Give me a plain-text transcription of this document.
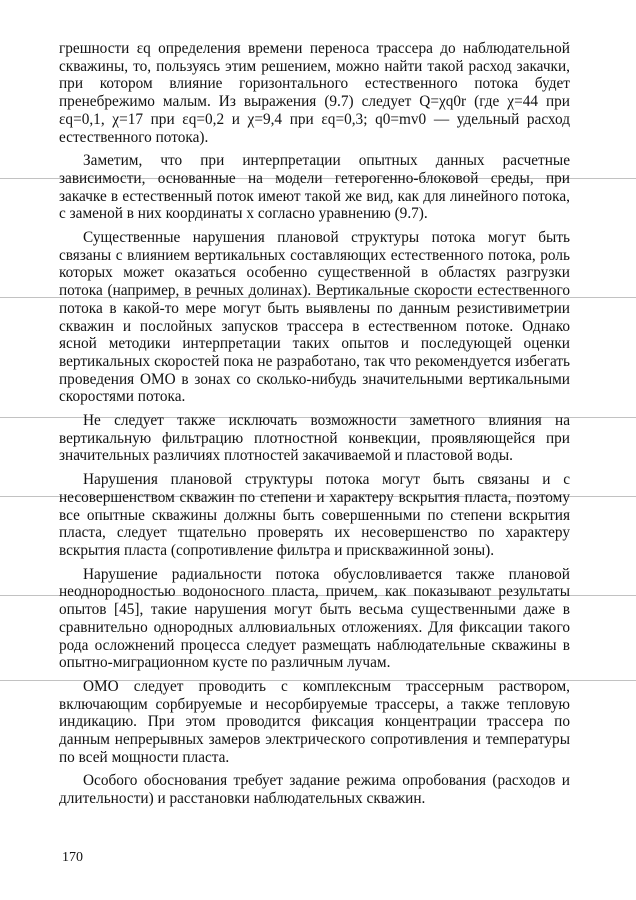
грешности εq определения времени переноса трассера до наблюдательной скважины, то, пользуясь этим решением, можно найти такой расход закачки, при котором влияние горизонтального естественного потока будет пренебрежимо малым. Из выражения (9.7) следует Q=χq0r (где χ=44 при εq=0,1, χ=17 при εq=0,2 и χ=9,4 при εq=0,3; q0=mv0 — удельный расход естественного потока).

Заметим, что при интерпретации опытных данных расчетные зависимости, основанные на модели гетерогенно-блоковой среды, при закачке в естественный поток имеют такой же вид, как для линейного потока, с заменой в них координаты x согласно уравнению (9.7).

Существенные нарушения плановой структуры потока могут быть связаны с влиянием вертикальных составляющих естественного потока, роль которых может оказаться особенно существенной в областях разгрузки потока (например, в речных долинах). Вертикальные скорости естественного потока в какой-то мере могут быть выявлены по данным резистивиметрии скважин и послойных запусков трассера в естественном потоке. Однако ясной методики интерпретации таких опытов и последующей оценки вертикальных скоростей пока не разработано, так что рекомендуется избегать проведения ОМО в зонах со сколько-нибудь значительными вертикальными скоростями потока.

Не следует также исключать возможности заметного влияния на вертикальную фильтрацию плотностной конвекции, проявляющейся при значительных различиях плотностей закачиваемой и пластовой воды.

Нарушения плановой структуры потока могут быть связаны и с несовершенством скважин по степени и характеру вскрытия пласта, поэтому все опытные скважины должны быть совершенными по степени вскрытия пласта, следует тщательно проверять их несовершенство по характеру вскрытия пласта (сопротивление фильтра и прискважинной зоны).

Нарушение радиальности потока обусловливается также плановой неоднородностью водоносного пласта, причем, как показывают результаты опытов [45], такие нарушения могут быть весьма существенными даже в сравнительно однородных аллювиальных отложениях. Для фиксации такого рода осложнений процесса следует размещать наблюдательные скважины в опытно-миграционном кусте по различным лучам.

ОМО следует проводить с комплексным трассерным раствором, включающим сорбируемые и несорбируемые трассеры, а также тепловую индикацию. При этом проводится фиксация концентрации трассера по данным непрерывных замеров электрического сопротивления и температуры по всей мощности пласта.

Особого обоснования требует задание режима опробования (расходов и длительности) и расстановки наблюдательных скважин.

170
